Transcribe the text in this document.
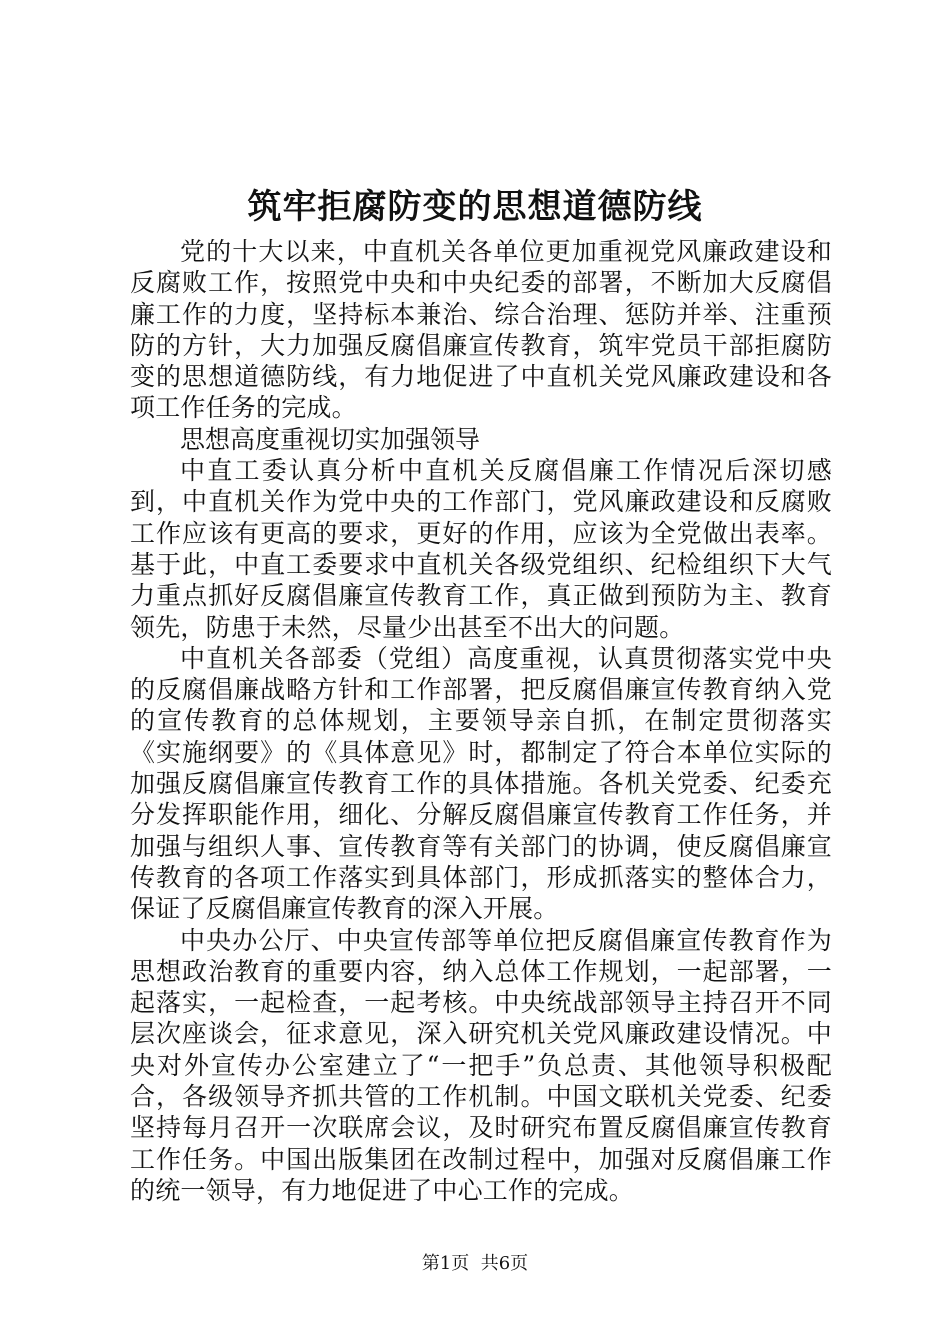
筑牢拒腐防变的思想道德防线

党的十大以来，中直机关各单位更加重视党风廉政建设和反腐败工作，按照党中央和中央纪委的部署，不断加大反腐倡廉工作的力度，坚持标本兼治、综合治理、惩防并举、注重预防的方针，大力加强反腐倡廉宣传教育，筑牢党员干部拒腐防变的思想道德防线，有力地促进了中直机关党风廉政建设和各项工作任务的完成。

思想高度重视切实加强领导

中直工委认真分析中直机关反腐倡廉工作情况后深切感到，中直机关作为党中央的工作部门，党风廉政建设和反腐败工作应该有更高的要求，更好的作用，应该为全党做出表率。基于此，中直工委要求中直机关各级党组织、纪检组织下大气力重点抓好反腐倡廉宣传教育工作，真正做到预防为主、教育领先，防患于未然，尽量少出甚至不出大的问题。

中直机关各部委（党组）高度重视，认真贯彻落实党中央的反腐倡廉战略方针和工作部署，把反腐倡廉宣传教育纳入党的宣传教育的总体规划，主要领导亲自抓，在制定贯彻落实《实施纲要》的《具体意见》时，都制定了符合本单位实际的加强反腐倡廉宣传教育工作的具体措施。各机关党委、纪委充分发挥职能作用，细化、分解反腐倡廉宣传教育工作任务，并加强与组织人事、宣传教育等有关部门的协调，使反腐倡廉宣传教育的各项工作落实到具体部门，形成抓落实的整体合力，保证了反腐倡廉宣传教育的深入开展。

中央办公厅、中央宣传部等单位把反腐倡廉宣传教育作为思想政治教育的重要内容，纳入总体工作规划，一起部署，一起落实，一起检查，一起考核。中央统战部领导主持召开不同层次座谈会，征求意见，深入研究机关党风廉政建设情况。中央对外宣传办公室建立了“一把手”负总责、其他领导积极配合，各级领导齐抓共管的工作机制。中国文联机关党委、纪委坚持每月召开一次联席会议，及时研究布置反腐倡廉宣传教育工作任务。中国出版集团在改制过程中，加强对反腐倡廉工作的统一领导，有力地促进了中心工作的完成。

第1页 共6页
